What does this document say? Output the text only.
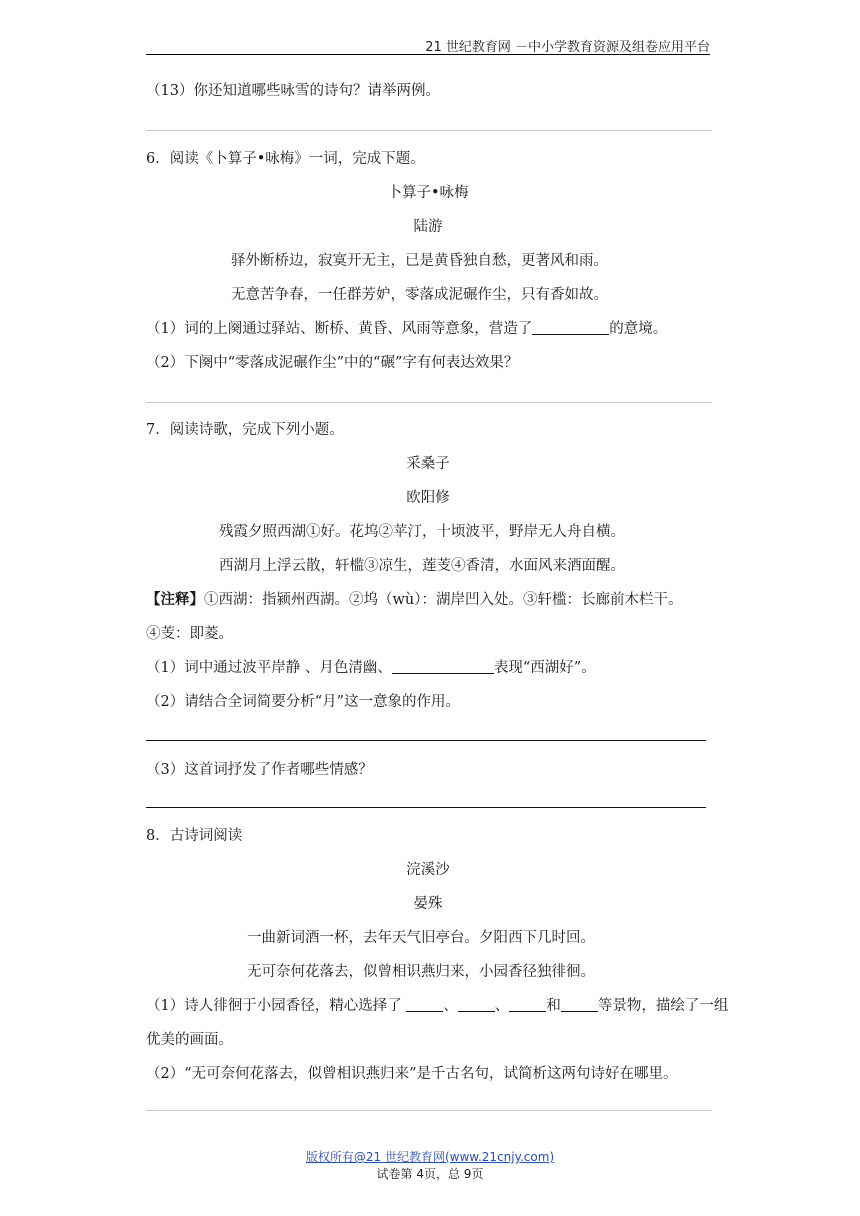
21 世纪教育网 －中小学教育资源及组卷应用平台
（13）你还知道哪些咏雪的诗句？请举两例。
6．阅读《卜算子•咏梅》一词，完成下题。
卜算子•咏梅
陆游
驿外断桥边，寂寞开无主，已是黄昏独自愁，更著风和雨。
无意苦争春，一任群芳妒，零落成泥碾作尘，只有香如故。
（1）词的上阕通过驿站、断桥、黄昏、风雨等意象，营造了	的意境。
（2）下阕中“零落成泥碾作尘”中的“碾”字有何表达效果？
7．阅读诗歌，完成下列小题。
采桑子
欧阳修
残霞夕照西湖①好。花坞②苹汀，十顷波平，野岸无人舟自横。
西湖月上浮云散，轩槛③凉生，莲芰④香清，水面风来酒面醒。
【注释】①西湖：指颍州西湖。②坞（wù）：湖岸凹入处。③轩槛：长廊前木栏干。
④芰：即菱。
（1）词中通过波平岸静 、月色清幽、	表现“西湖好”。
（2）请结合全词简要分析“月”这一意象的作用。
（3）这首词抒发了作者哪些情感？
8．古诗词阅读
浣溪沙
晏殊
一曲新词酒一杯，去年天气旧亭台。夕阳西下几时回。
无可奈何花落去，似曾相识燕归来，小园香径独徘徊。
（1）诗人徘徊于小园香径，精心选择了	、	、	和	等景物，描绘了一组
优美的画面。
（2）“无可奈何花落去，似曾相识燕归来”是千古名句，试简析这两句诗好在哪里。
版权所有@21 世纪教育网(www.21cnjy.com)
试卷第 4页，总 9页
